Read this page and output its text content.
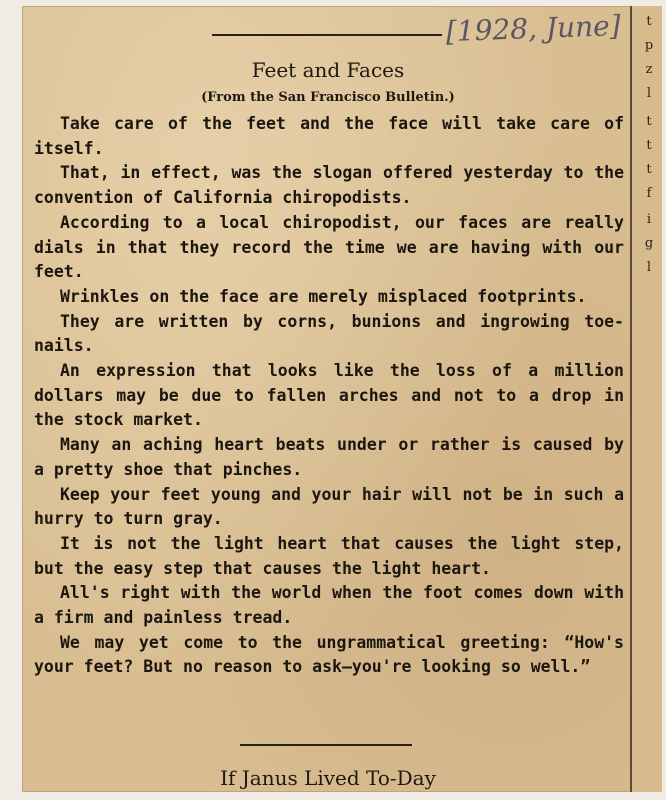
t
p
z
l
t
t
t
f
i
g
l
[1928, June]
Feet and Faces
(From the San Francisco Bulletin.)

Take care of the feet and the face will take care of itself.

That, in effect, was the slogan offered yesterday to the convention of California chiropodists.

According to a local chiropodist, our faces are really dials in that they record the time we are having with our feet.

Wrinkles on the face are merely misplaced footprints.

They are written by corns, bunions and ingrowing toe-nails.

An expression that looks like the loss of a million dollars may be due to fallen arches and not to a drop in the stock market.

Many an aching heart beats under or rather is caused by a pretty shoe that pinches.

Keep your feet young and your hair will not be in such a hurry to turn gray.

It is not the light heart that causes the light step, but the easy step that causes the light heart.

All's right with the world when the foot comes down with a firm and painless tread.

We may yet come to the ungrammatical greeting: “How's your feet? But no reason to ask—you're looking so well.”

If Janus Lived To-Day
